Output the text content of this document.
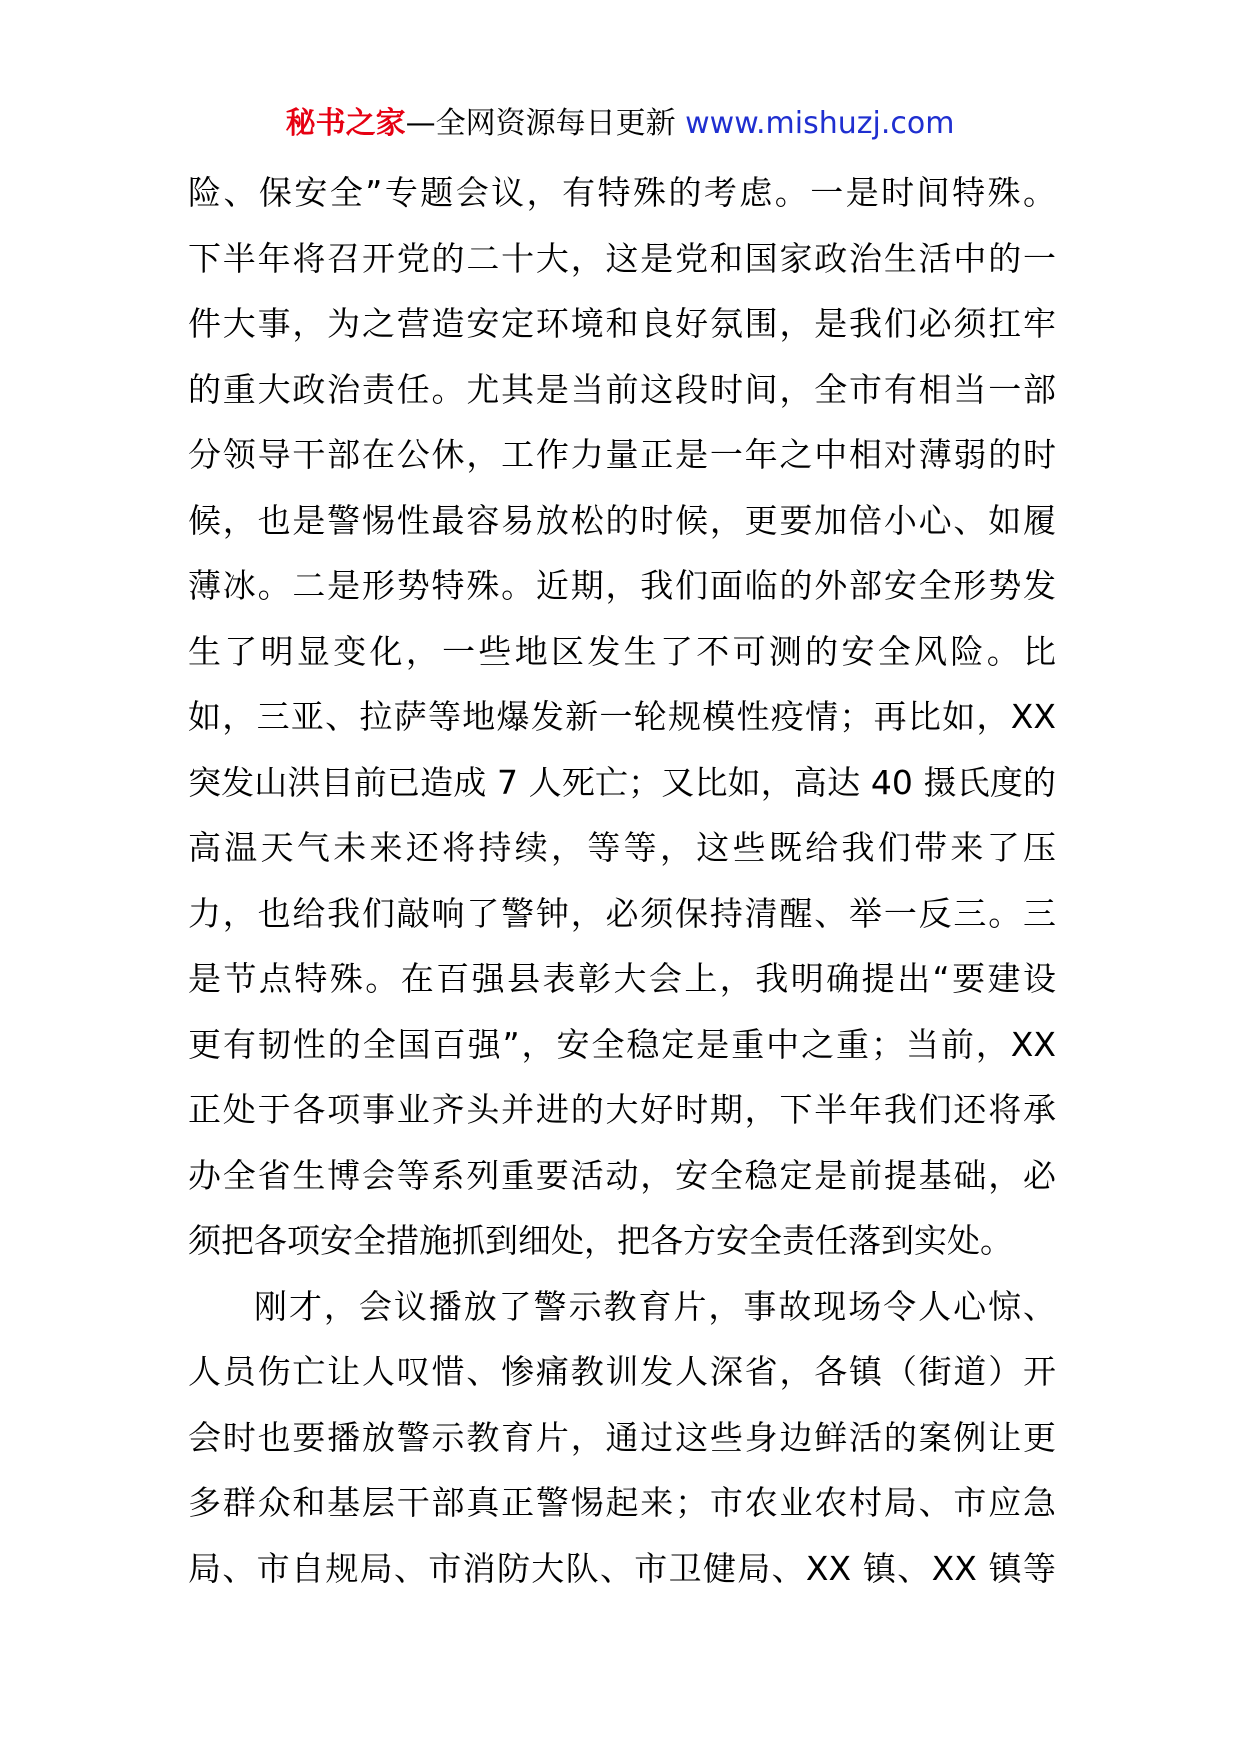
秘书之家—全网资源每日更新 www.mishuzj.com
险、保安全”专题会议，有特殊的考虑。一是时间特殊。
下半年将召开党的二十大，这是党和国家政治生活中的一
件大事，为之营造安定环境和良好氛围，是我们必须扛牢
的重大政治责任。尤其是当前这段时间，全市有相当一部
分领导干部在公休，工作力量正是一年之中相对薄弱的时
候，也是警惕性最容易放松的时候，更要加倍小心、如履
薄冰。二是形势特殊。近期，我们面临的外部安全形势发
生了明显变化，一些地区发生了不可测的安全风险。比
如，三亚、拉萨等地爆发新一轮规模性疫情；再比如，XX
突发山洪目前已造成 7 人死亡；又比如，高达 40 摄氏度的
高温天气未来还将持续，等等，这些既给我们带来了压
力，也给我们敲响了警钟，必须保持清醒、举一反三。三
是节点特殊。在百强县表彰大会上，我明确提出“要建设
更有韧性的全国百强”，安全稳定是重中之重；当前，XX
正处于各项事业齐头并进的大好时期，下半年我们还将承
办全省生博会等系列重要活动，安全稳定是前提基础，必
须把各项安全措施抓到细处，把各方安全责任落到实处。
刚才，会议播放了警示教育片，事故现场令人心惊、
人员伤亡让人叹惜、惨痛教训发人深省，各镇（街道）开
会时也要播放警示教育片，通过这些身边鲜活的案例让更
多群众和基层干部真正警惕起来；市农业农村局、市应急
局、市自规局、市消防大队、市卫健局、XX 镇、XX 镇等
